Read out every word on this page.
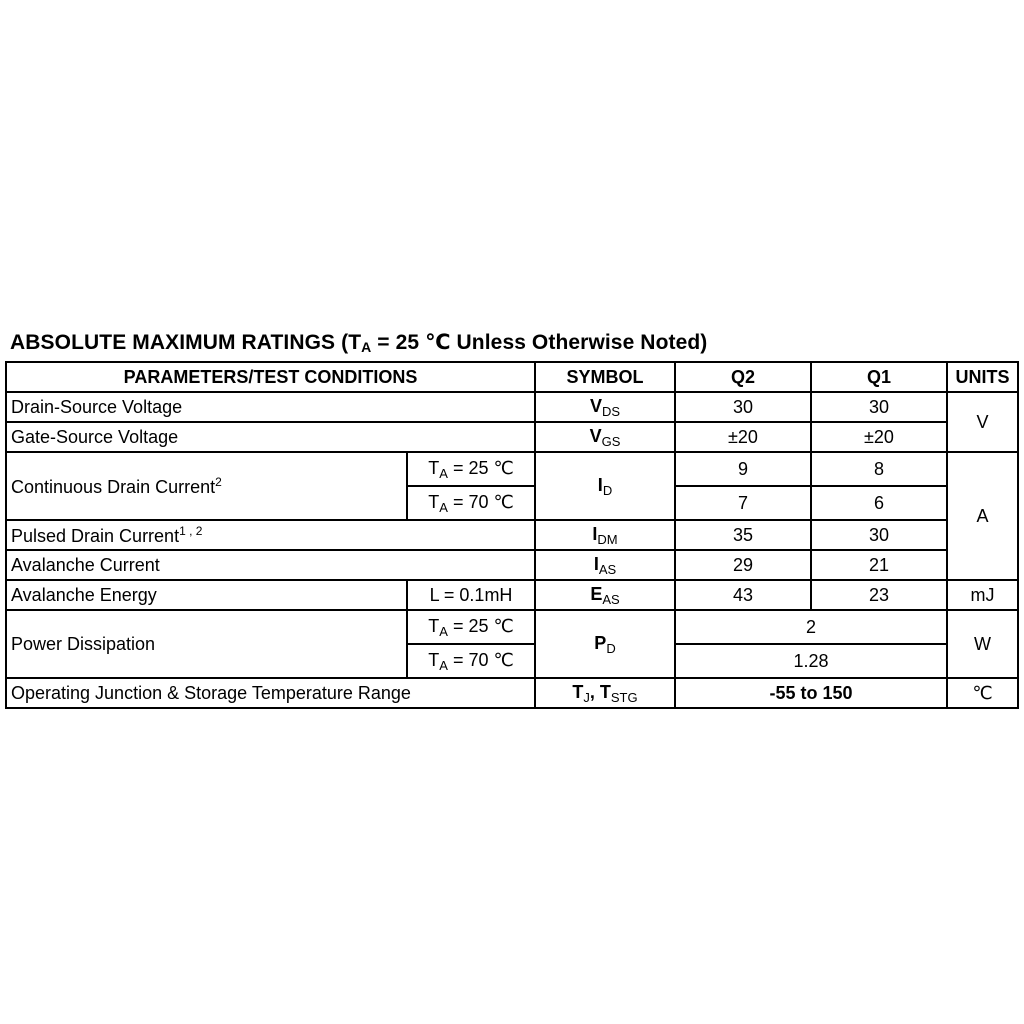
ABSOLUTE MAXIMUM RATINGS ($T_A = 25$ ℃ Unless Otherwise Noted)
PARAMETERS/TEST CONDITIONS		SYMBOL	Q2	Q1	UNITS
Drain-Source Voltage		$V_{DS}$	30	30	V
Gate-Source Voltage		$V_{GS}$	±20	±20	
Continuous Drain Current$^2$	$T_A = 25$ ℃	$I_D$	9	8	A
	$T_A = 70$ ℃		7	6	
Pulsed Drain Current$^{1 , 2}$		$I_{DM}$	35	30	
Avalanche Current		$I_{AS}$	29	21	
Avalanche Energy	L = 0.1mH	$E_{AS}$	43	23	mJ
Power Dissipation	$T_A = 25$ ℃	$P_D$	2		W
	$T_A = 70$ ℃		1.28		
Operating Junction & Storage Temperature Range		$T_J$, $T_{STG}$	-55 to 150		℃
